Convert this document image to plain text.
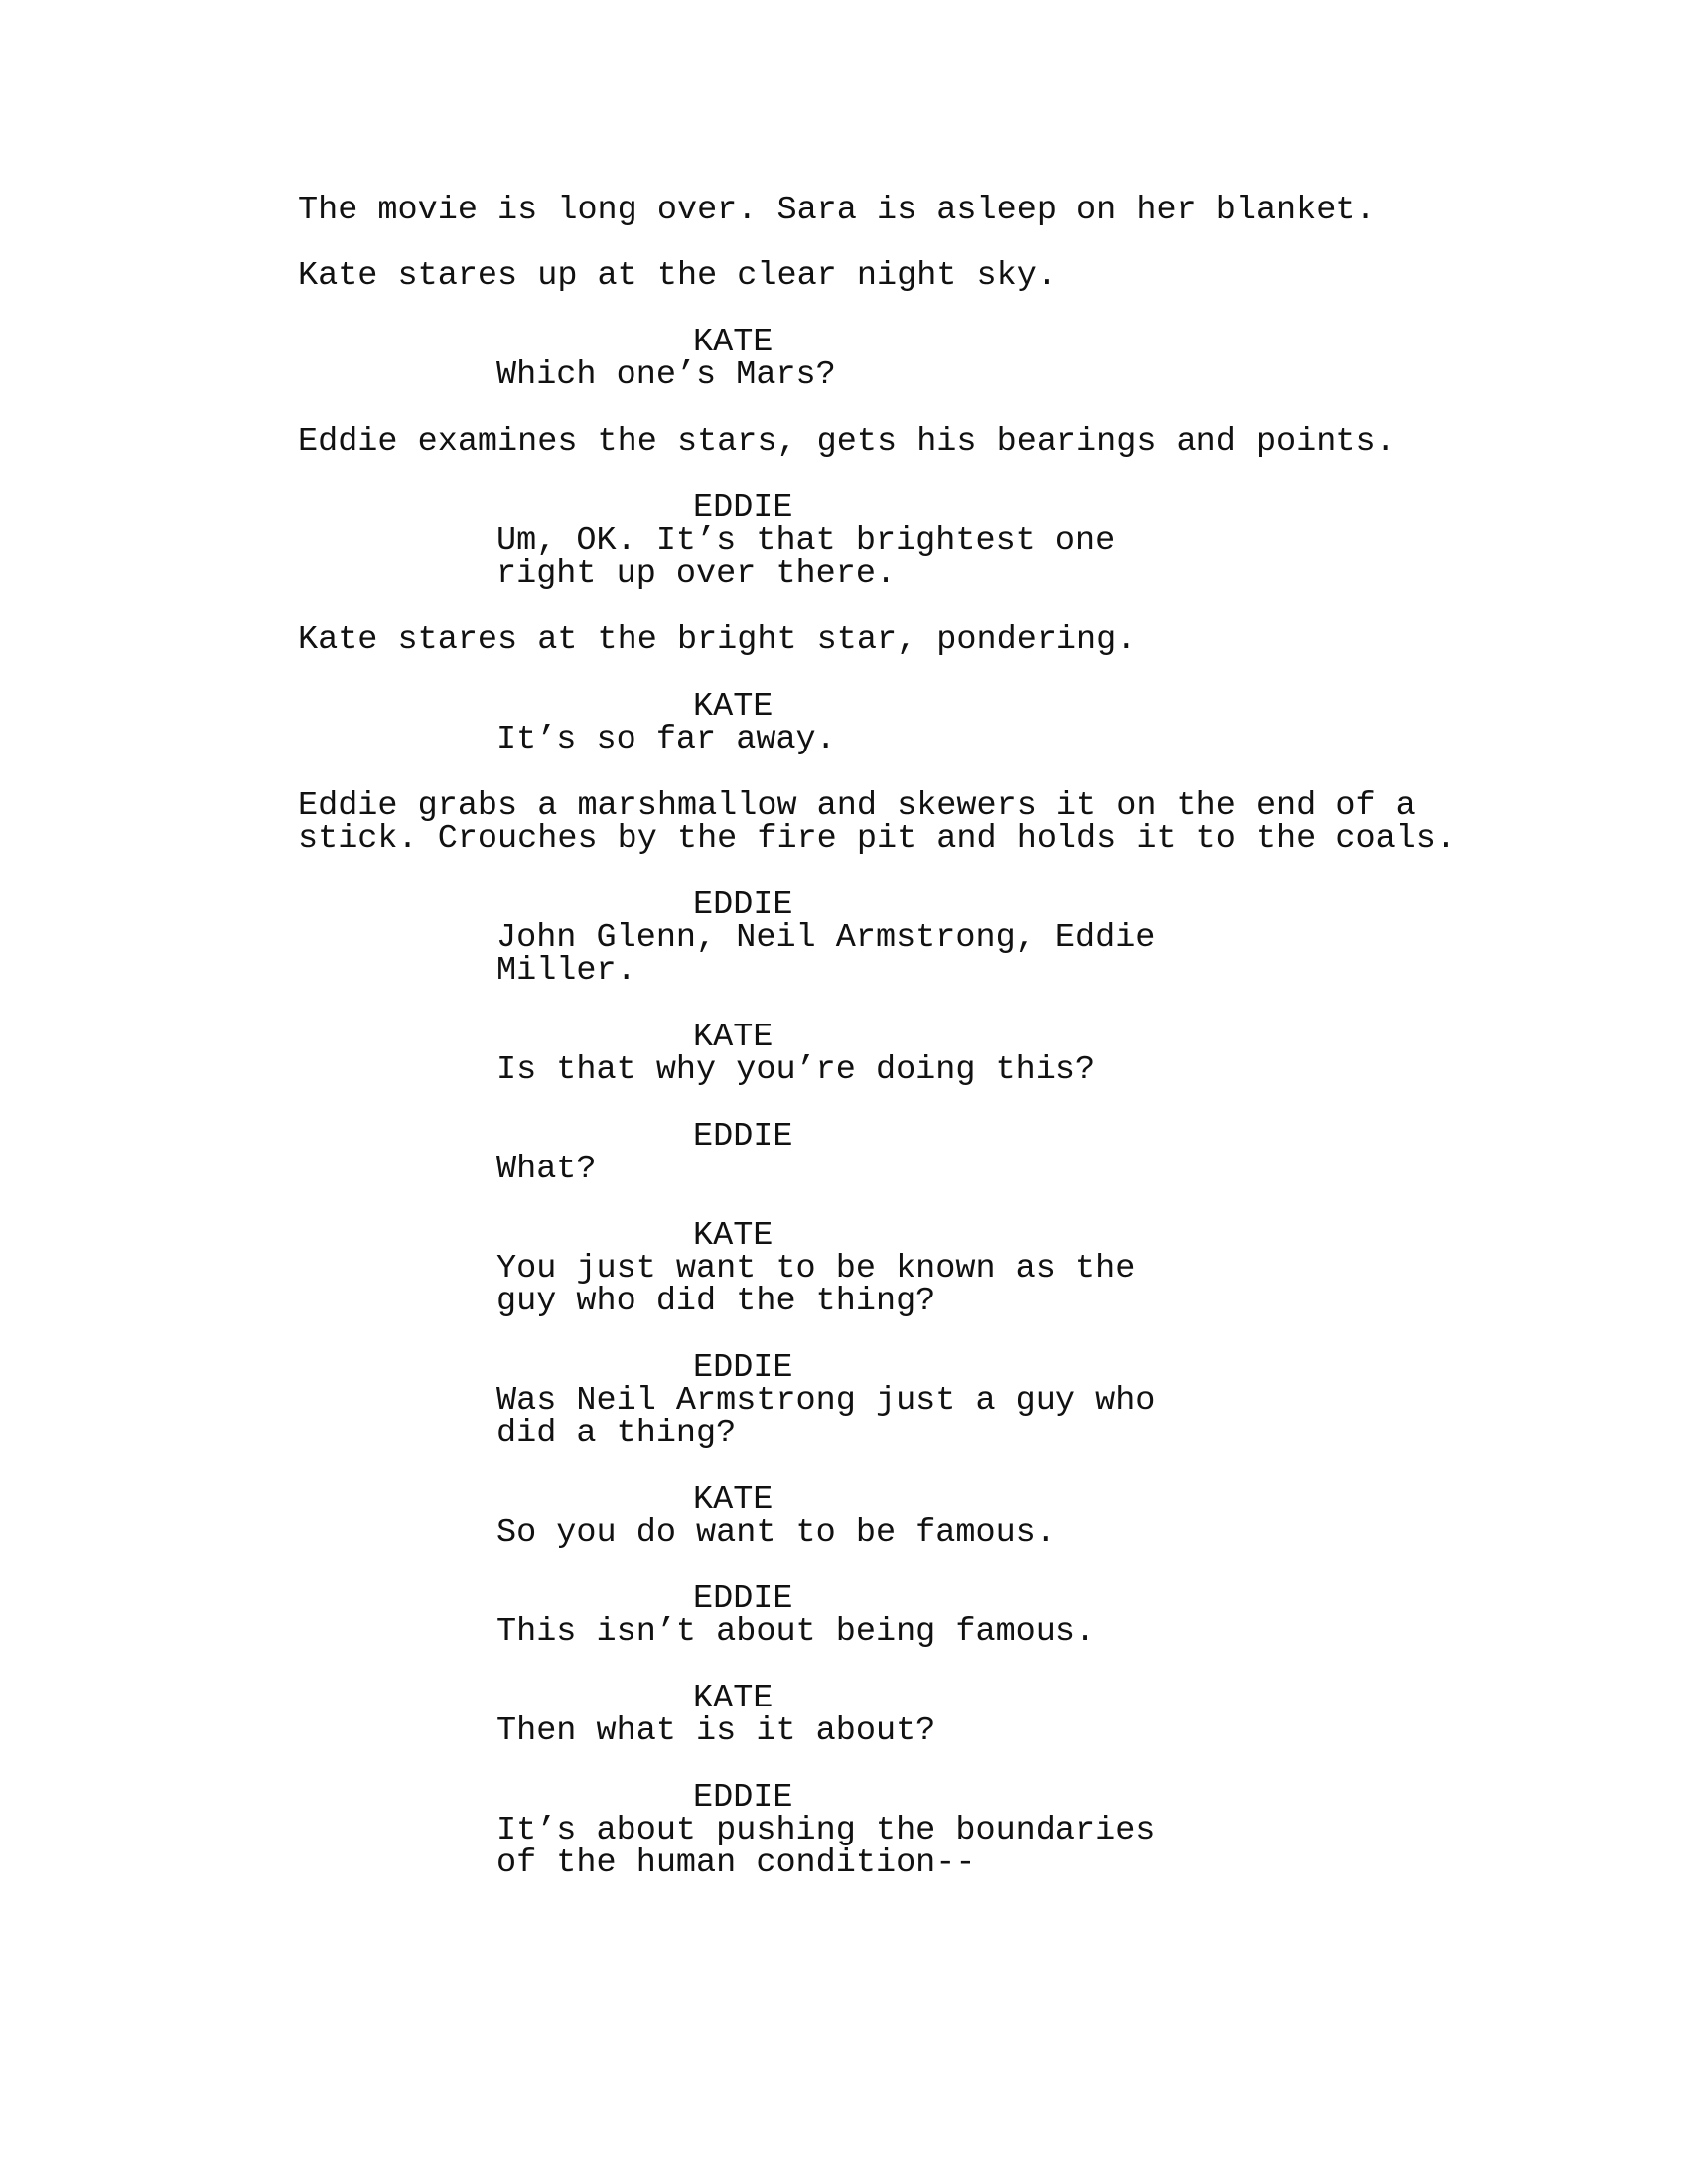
The movie is long over. Sara is asleep on her blanket.
Kate stares up at the clear night sky.
KATE
Which one’s Mars?
Eddie examines the stars, gets his bearings and points.
EDDIE
Um, OK. It’s that brightest one
right up over there.
Kate stares at the bright star, pondering.
KATE
It’s so far away.
Eddie grabs a marshmallow and skewers it on the end of a
stick. Crouches by the fire pit and holds it to the coals.
EDDIE
John Glenn, Neil Armstrong, Eddie
Miller.
KATE
Is that why you’re doing this?
EDDIE
What?
KATE
You just want to be known as the
guy who did the thing?
EDDIE
Was Neil Armstrong just a guy who
did a thing?
KATE
So you do want to be famous.
EDDIE
This isn’t about being famous.
KATE
Then what is it about?
EDDIE
It’s about pushing the boundaries
of the human condition--
